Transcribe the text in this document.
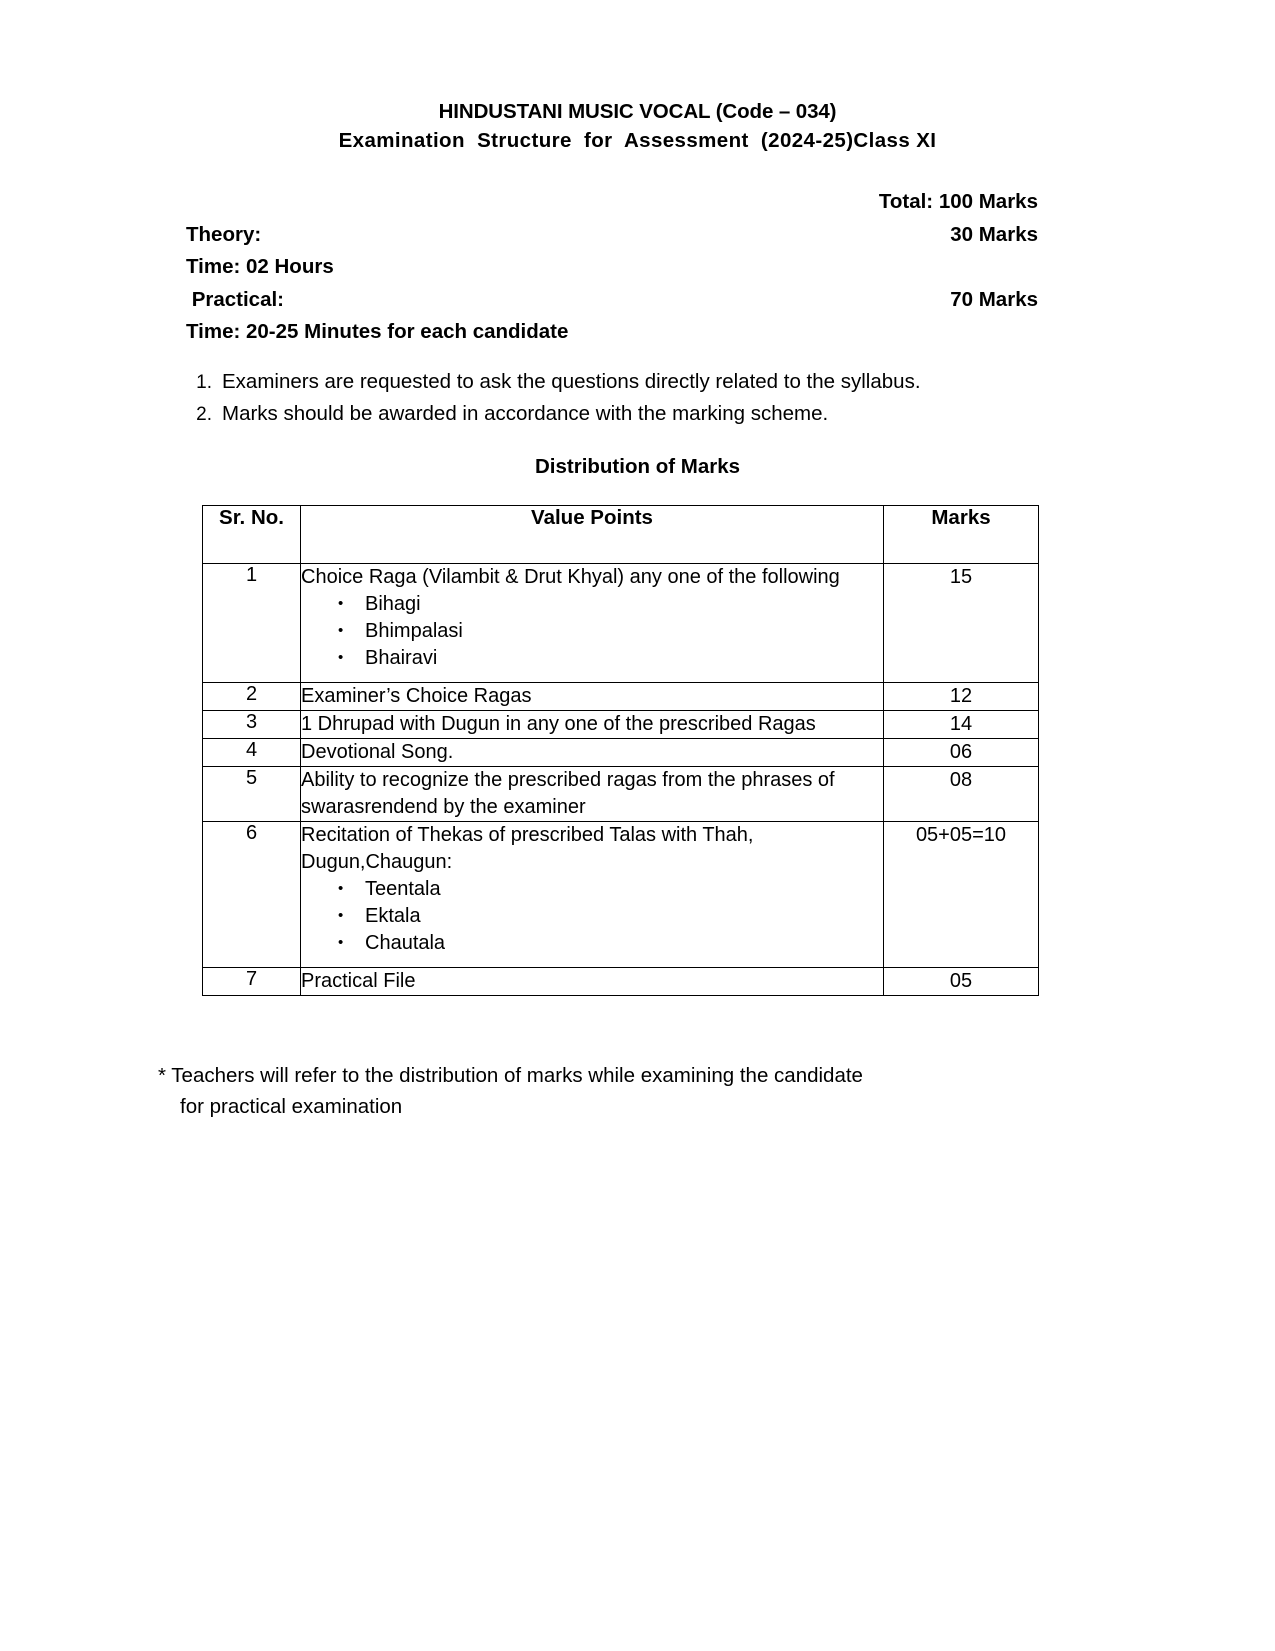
HINDUSTANI MUSIC VOCAL (Code – 034)
Examination  Structure  for  Assessment  (2024-25)Class XI
Total: 100 Marks
Theory:	30 Marks
Time: 02 Hours
Practical:	70 Marks
Time: 20-25 Minutes for each candidate
1. Examiners are requested to ask the questions directly related to the syllabus.
2. Marks should be awarded in accordance with the marking scheme.
Distribution of Marks
Sr. No.	Value Points	Marks
1	Choice Raga (Vilambit & Drut Khyal) any one of the following
• Bihagi
• Bhimpalasi
• Bhairavi
	15
2	Examiner’s Choice Ragas	12
3	1 Dhrupad with Dugun in any one of the prescribed Ragas	14
4	Devotional Song.	06
5	Ability to recognize the prescribed ragas from the phrases of swarasrendend by the examiner	08
6	Recitation of Thekas of prescribed Talas with Thah, Dugun,Chaugun:
• Teentala
• Ektala
• Chautala
	05+05=10
7	Practical File	05
* Teachers will refer to the distribution of marks while examining the candidate
for practical examination
